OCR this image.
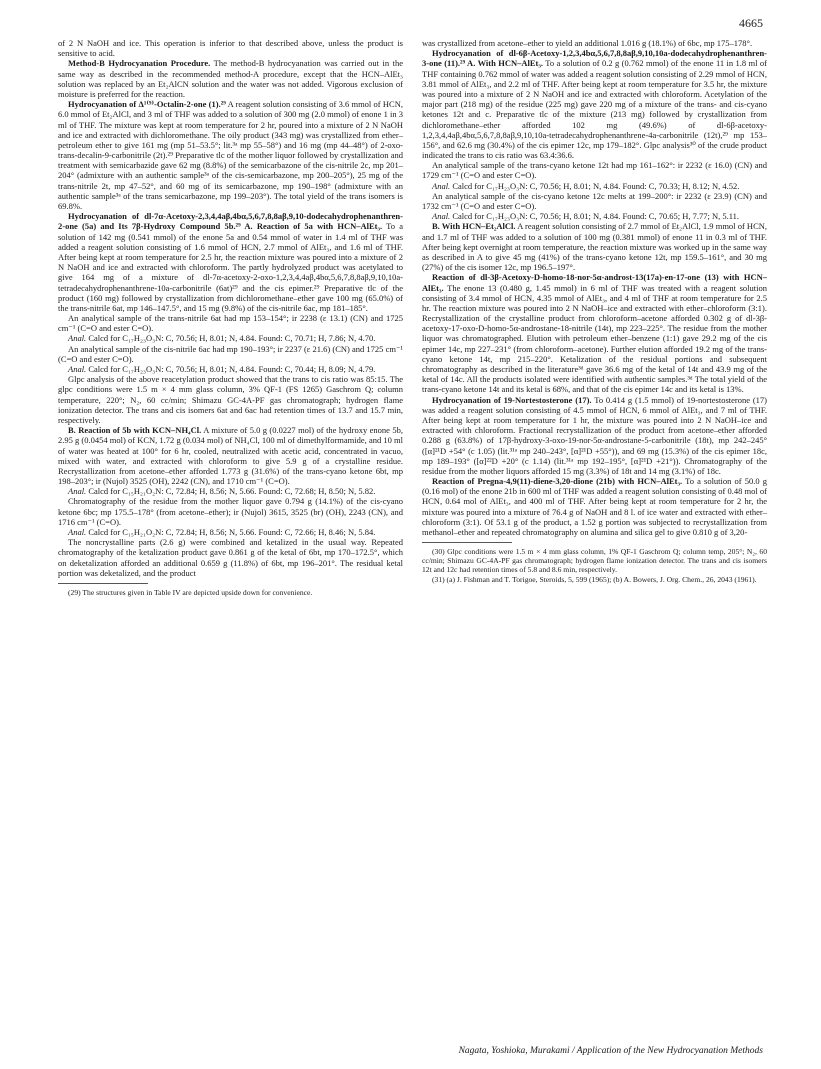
4665

of 2 N NaOH and ice. This operation is inferior to that described above, unless the product is sensitive to acid.

Method-B Hydrocyanation Procedure. The method-B hydrocyanation was carried out in the same way as described in the recommended method-A procedure, except that the HCN–AlEt₃ solution was replaced by an Et₂AlCN solution and the water was not added. Vigorous exclusion of moisture is preferred for the reaction.

Hydrocyanation of Δ¹⁽⁹⁾-Octalin-2-one (1).²⁹ A reagent solution consisting of 3.6 mmol of HCN, 6.0 mmol of Et₂AlCl, and 3 ml of THF was added to a solution of 300 mg (2.0 mmol) of enone 1 in 3 ml of THF. The mixture was kept at room temperature for 2 hr, poured into a mixture of 2 N NaOH and ice and extracted with dichloromethane. The oily product (343 mg) was crystallized from ether–petroleum ether to give 161 mg (mp 51–53.5°; lit.³ᵃ mp 55–58°) and 16 mg (mp 44–48°) of 2-oxo-trans-decalin-9-carbonitrile (2t).²⁹ Preparative tlc of the mother liquor followed by crystallization and treatment with semicarbazide gave 62 mg (8.8%) of the semicarbazone of the cis-nitrile 2c, mp 201–204° (admixture with an authentic sample³ᵃ of the cis-semicarbazone, mp 200–205°), 25 mg of the trans-nitrile 2t, mp 47–52°, and 60 mg of its semicarbazone, mp 190–198° (admixture with an authentic sample³ᵃ of the trans semicarbazone, mp 199–203°). The total yield of the trans isomers is 69.8%.

Hydrocyanation of dl-7α-Acetoxy-2,3,4,4aβ,4bα,5,6,7,8,8aβ,9,10-dodecahydrophenanthren-2-one (5a) and Its 7β-Hydroxy Compound 5b.²⁹ A. Reaction of 5a with HCN–AlEt₃. To a solution of 142 mg (0.541 mmol) of the enone 5a and 0.54 mmol of water in 1.4 ml of THF was added a reagent solution consisting of 1.6 mmol of HCN, 2.7 mmol of AlEt₃, and 1.6 ml of THF. After being kept at room temperature for 2.5 hr, the reaction mixture was poured into a mixture of 2 N NaOH and ice and extracted with chloroform. The partly hydrolyzed product was acetylated to give 164 mg of a mixture of dl-7α-acetoxy-2-oxo-1,2,3,4,4aβ,4bα,5,6,7,8,8aβ,9,10,10a-tetradecahydrophenanthrene-10a-carbonitrile (6at)²⁹ and the cis epimer.²⁹ Preparative tlc of the product (160 mg) followed by crystallization from dichloromethane–ether gave 100 mg (65.0%) of the trans-nitrile 6at, mp 146–147.5°, and 15 mg (9.8%) of the cis-nitrile 6ac, mp 181–185°.

An analytical sample of the trans-nitrile 6at had mp 153–154°; ir 2238 (ε 13.1) (CN) and 1725 cm⁻¹ (C=O and ester C=O).

Anal. Calcd for C₁₇H₂₃O₃N: C, 70.56; H, 8.01; N, 4.84. Found: C, 70.71; H, 7.86; N, 4.70.

An analytical sample of the cis-nitrile 6ac had mp 190–193°; ir 2237 (ε 21.6) (CN) and 1725 cm⁻¹ (C=O and ester C=O).

Anal. Calcd for C₁₇H₂₃O₃N: C, 70.56; H, 8.01; N, 4.84. Found: C, 70.44; H, 8.09; N, 4.79.

Glpc analysis of the above reacetylation product showed that the trans to cis ratio was 85:15. The glpc conditions were 1.5 m × 4 mm glass column, 3% QF-1 (FS 1265) Gaschrom Q; column temperature, 220°; N₂, 60 cc/min; Shimazu GC-4A-PF gas chromatograph; hydrogen flame ionization detector. The trans and cis isomers 6at and 6ac had retention times of 13.7 and 15.7 min, respectively.

B. Reaction of 5b with KCN–NH₄Cl. A mixture of 5.0 g (0.0227 mol) of the hydroxy enone 5b, 2.95 g (0.0454 mol) of KCN, 1.72 g (0.034 mol) of NH₄Cl, 100 ml of dimethylformamide, and 10 ml of water was heated at 100° for 6 hr, cooled, neutralized with acetic acid, concentrated in vacuo, mixed with water, and extracted with chloroform to give 5.9 g of a crystalline residue. Recrystallization from acetone–ether afforded 1.773 g (31.6%) of the trans-cyano ketone 6bt, mp 198–203°; ir (Nujol) 3525 (OH), 2242 (CN), and 1710 cm⁻¹ (C=O).

Anal. Calcd for C₁₅H₂₁O₂N: C, 72.84; H, 8.56; N, 5.66. Found: C, 72.68; H, 8.50; N, 5.82.

Chromatography of the residue from the mother liquor gave 0.794 g (14.1%) of the cis-cyano ketone 6bc; mp 175.5–178° (from acetone–ether); ir (Nujol) 3615, 3525 (br) (OH), 2243 (CN), and 1716 cm⁻¹ (C=O).

Anal. Calcd for C₁₅H₂₁O₂N: C, 72.84; H, 8.56; N, 5.66. Found: C, 72.66; H, 8.46; N, 5.84.

The noncrystalline parts (2.6 g) were combined and ketalized in the usual way. Repeated chromatography of the ketalization product gave 0.861 g of the ketal of 6bt, mp 170–172.5°, which on deketalization afforded an additional 0.659 g (11.8%) of 6bt, mp 196–201°. The residual ketal portion was deketalized, and the product

(29) The structures given in Table IV are depicted upside down for convenience.

was crystallized from acetone–ether to yield an additional 1.016 g (18.1%) of 6bc, mp 175–178°.

Hydrocyanation of dl-6β-Acetoxy-1,2,3,4bα,5,6,7,8,8aβ,9,10,10a-dodecahydrophenanthren-3-one (11).²⁹ A. With HCN–AlEt₃. To a solution of 0.2 g (0.762 mmol) of the enone 11 in 1.8 ml of THF containing 0.762 mmol of water was added a reagent solution consisting of 2.29 mmol of HCN, 3.81 mmol of AlEt₃, and 2.2 ml of THF. After being kept at room temperature for 3.5 hr, the mixture was poured into a mixture of 2 N NaOH and ice and extracted with chloroform. Acetylation of the major part (218 mg) of the residue (225 mg) gave 220 mg of a mixture of the trans- and cis-cyano ketones 12t and c. Preparative tlc of the mixture (213 mg) followed by crystallization from dichloromethane–ether afforded 102 mg (49.6%) of dl-6β-acetoxy-1,2,3,4,4aβ,4bα,5,6,7,8,8aβ,9,10,10a-tetradecahydrophenanthrene-4a-carbonitrile (12t),²⁹ mp 153–156°, and 62.6 mg (30.4%) of the cis epimer 12c, mp 179–182°. Glpc analysis³⁰ of the crude product indicated the trans to cis ratio was 63.4:36.6.

An analytical sample of the trans-cyano ketone 12t had mp 161–162°: ir 2232 (ε 16.0) (CN) and 1729 cm⁻¹ (C=O and ester C=O).

Anal. Calcd for C₁₇H₂₃O₃N: C, 70.56; H, 8.01; N, 4.84. Found: C, 70.33; H, 8.12; N, 4.52.

An analytical sample of the cis-cyano ketone 12c melts at 199–200°: ir 2232 (ε 23.9) (CN) and 1732 cm⁻¹ (C=O and ester C=O).

Anal. Calcd for C₁₇H₂₃O₃N: C, 70.56; H, 8.01; N, 4.84. Found: C, 70.65; H, 7.77; N, 5.11.

B. With HCN–Et₂AlCl. A reagent solution consisting of 2.7 mmol of Et₂AlCl, 1.9 mmol of HCN, and 1.7 ml of THF was added to a solution of 100 mg (0.381 mmol) of enone 11 in 0.3 ml of THF. After being kept overnight at room temperature, the reaction mixture was worked up in the same way as described in A to give 45 mg (41%) of the trans-cyano ketone 12t, mp 159.5–161°, and 30 mg (27%) of the cis isomer 12c, mp 196.5–197°.

Reaction of dl-3β-Acetoxy-D-homo-18-nor-5α-androst-13(17a)-en-17-one (13) with HCN–AlEt₃. The enone 13 (0.480 g, 1.45 mmol) in 6 ml of THF was treated with a reagent solution consisting of 3.4 mmol of HCN, 4.35 mmol of AlEt₃, and 4 ml of THF at room temperature for 2.5 hr. The reaction mixture was poured into 2 N NaOH–ice and extracted with ether–chloroform (3:1). Recrystallization of the crystalline product from chloroform–acetone afforded 0.302 g of dl-3β-acetoxy-17-oxo-D-homo-5α-androstane-18-nitrile (14t), mp 223–225°. The residue from the mother liquor was chromatographed. Elution with petroleum ether–benzene (1:1) gave 29.2 mg of the cis epimer 14c, mp 227–231° (from chloroform–acetone). Further elution afforded 19.2 mg of the trans-cyano ketone 14t, mp 215–220°. Ketalization of the residual portions and subsequent chromatography as described in the literature³ᵈ gave 36.6 mg of the ketal of 14t and 43.9 mg of the ketal of 14c. All the products isolated were identified with authentic samples.³ᵈ The total yield of the trans-cyano ketone 14t and its ketal is 68%, and that of the cis epimer 14c and its ketal is 13%.

Hydrocyanation of 19-Nortestosterone (17). To 0.414 g (1.5 mmol) of 19-nortestosterone (17) was added a reagent solution consisting of 4.5 mmol of HCN, 6 mmol of AlEt₃, and 7 ml of THF. After being kept at room temperature for 1 hr, the mixture was poured into 2 N NaOH–ice and extracted with chloroform. Fractional recrystallization of the product from acetone–ether afforded 0.288 g (63.8%) of 17β-hydroxy-3-oxo-19-nor-5α-androstane-5-carbonitrile (18t), mp 242–245° ([α]²¹D +54° (c 1.05) (lit.³¹ᵃ mp 240–243°, [α]²¹D +55°)), and 69 mg (15.3%) of the cis epimer 18c, mp 189–193° ([α]²²D +20° (c 1.14) (lit.³¹ᵃ mp 192–195°, [α]²¹D +21°)). Chromatography of the residue from the mother liquors afforded 15 mg (3.3%) of 18t and 14 mg (3.1%) of 18c.

Reaction of Pregna-4,9(11)-diene-3,20-dione (21b) with HCN–AlEt₃. To a solution of 50.0 g (0.16 mol) of the enone 21b in 600 ml of THF was added a reagent solution consisting of 0.48 mol of HCN, 0.64 mol of AlEt₃, and 400 ml of THF. After being kept at room temperature for 2 hr, the mixture was poured into a mixture of 76.4 g of NaOH and 8 l. of ice water and extracted with ether–chloroform (3:1). Of 53.1 g of the product, a 1.52 g portion was subjected to recrystallization from methanol–ether and repeated chromatography on alumina and silica gel to give 0.810 g of 3,20-

(30) Glpc conditions were 1.5 m × 4 mm glass column, 1% QF-1 Gaschrom Q; column temp, 205°; N₂, 60 cc/min; Shimazu GC-4A-PF gas chromatograph; hydrogen flame ionization detector. The trans and cis isomers 12t and 12c had retention times of 5.8 and 8.6 min, respectively.

(31) (a) J. Fishman and T. Torigoe, Steroids, 5, 599 (1965); (b) A. Bowers, J. Org. Chem., 26, 2043 (1961).

Nagata, Yoshioka, Murakami / Application of the New Hydrocyanation Methods
